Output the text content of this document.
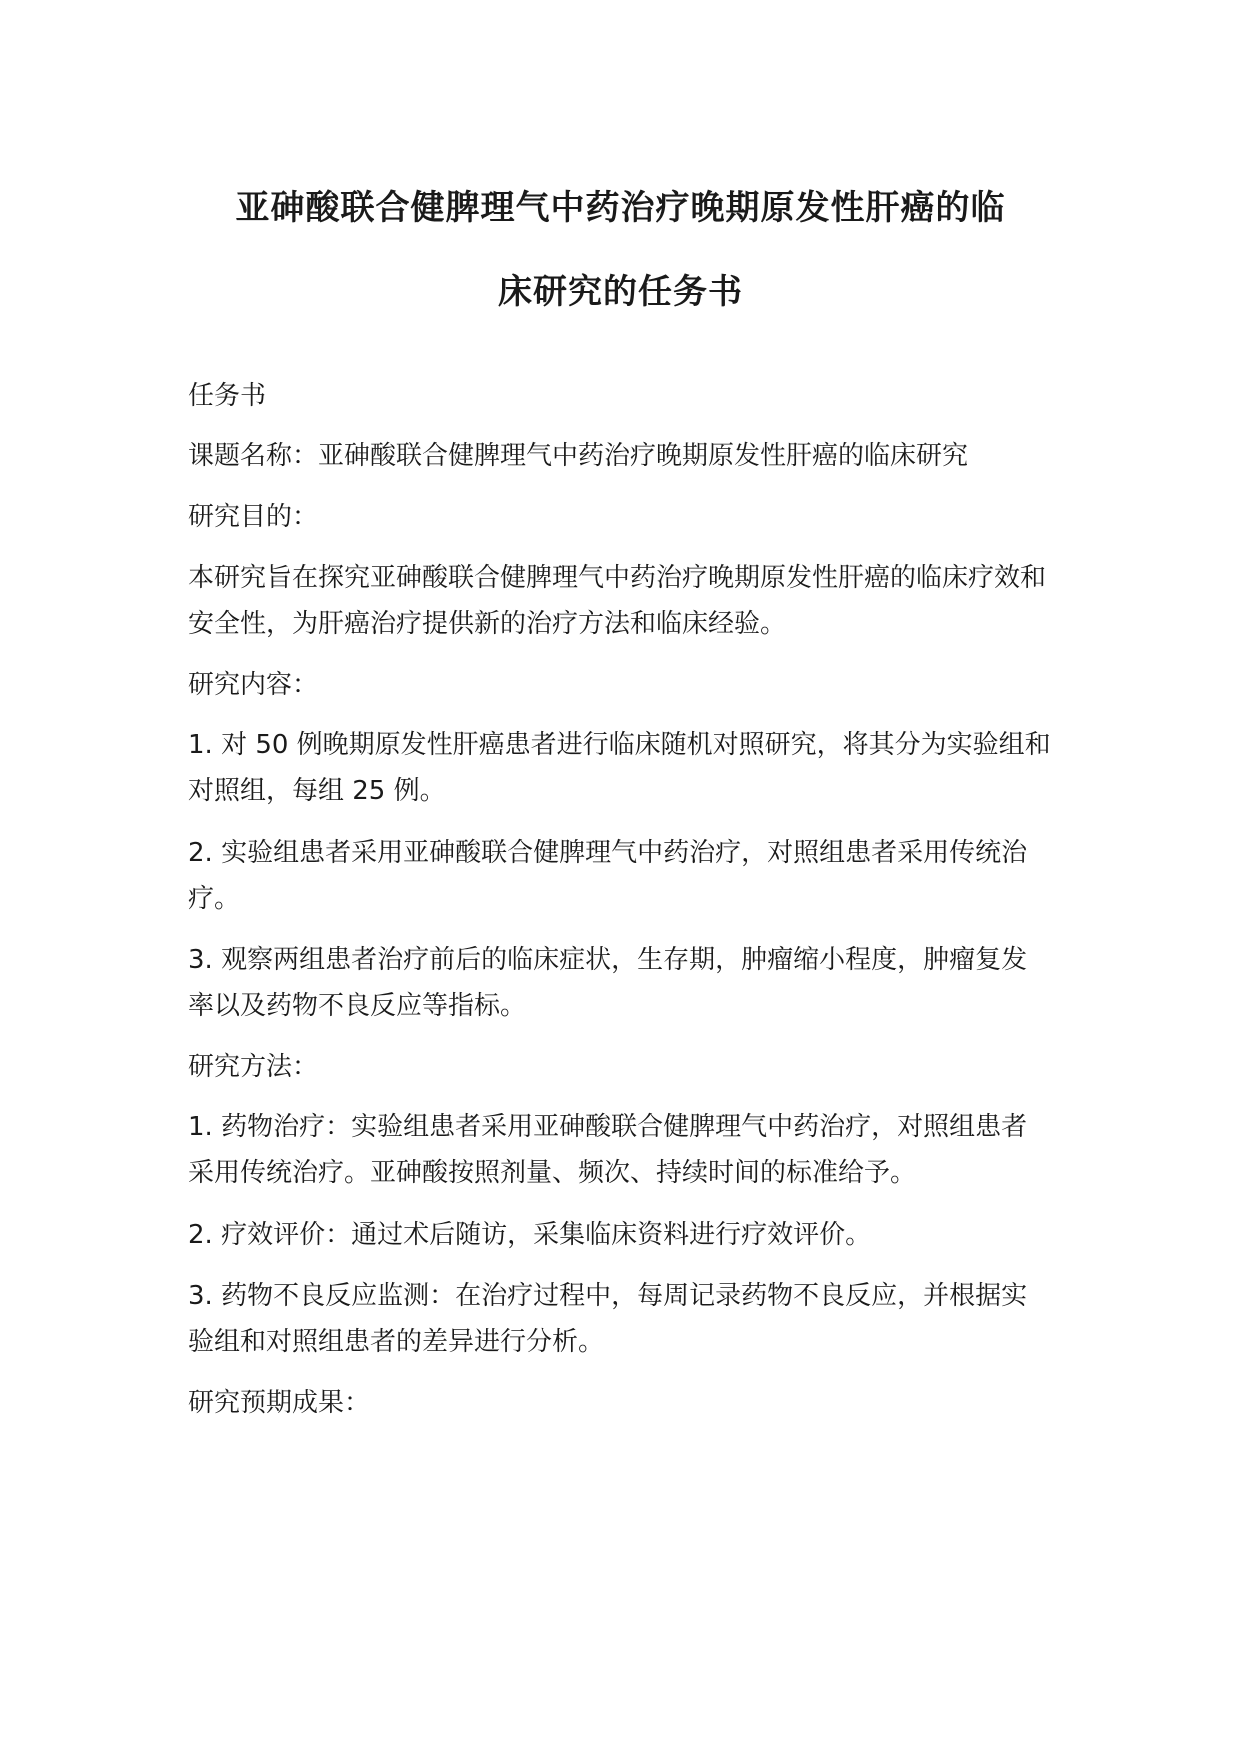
亚砷酸联合健脾理气中药治疗晚期原发性肝癌的临
床研究的任务书

任务书

课题名称：亚砷酸联合健脾理气中药治疗晚期原发性肝癌的临床研究

研究目的：

本研究旨在探究亚砷酸联合健脾理气中药治疗晚期原发性肝癌的临床疗效和安全性，为肝癌治疗提供新的治疗方法和临床经验。

研究内容：

1. 对 50 例晚期原发性肝癌患者进行临床随机对照研究，将其分为实验组和对照组，每组 25 例。

2. 实验组患者采用亚砷酸联合健脾理气中药治疗，对照组患者采用传统治疗。

3. 观察两组患者治疗前后的临床症状，生存期，肿瘤缩小程度，肿瘤复发率以及药物不良反应等指标。

研究方法：

1. 药物治疗：实验组患者采用亚砷酸联合健脾理气中药治疗，对照组患者采用传统治疗。亚砷酸按照剂量、频次、持续时间的标准给予。

2. 疗效评价：通过术后随访，采集临床资料进行疗效评价。

3. 药物不良反应监测：在治疗过程中，每周记录药物不良反应，并根据实验组和对照组患者的差异进行分析。

研究预期成果：
